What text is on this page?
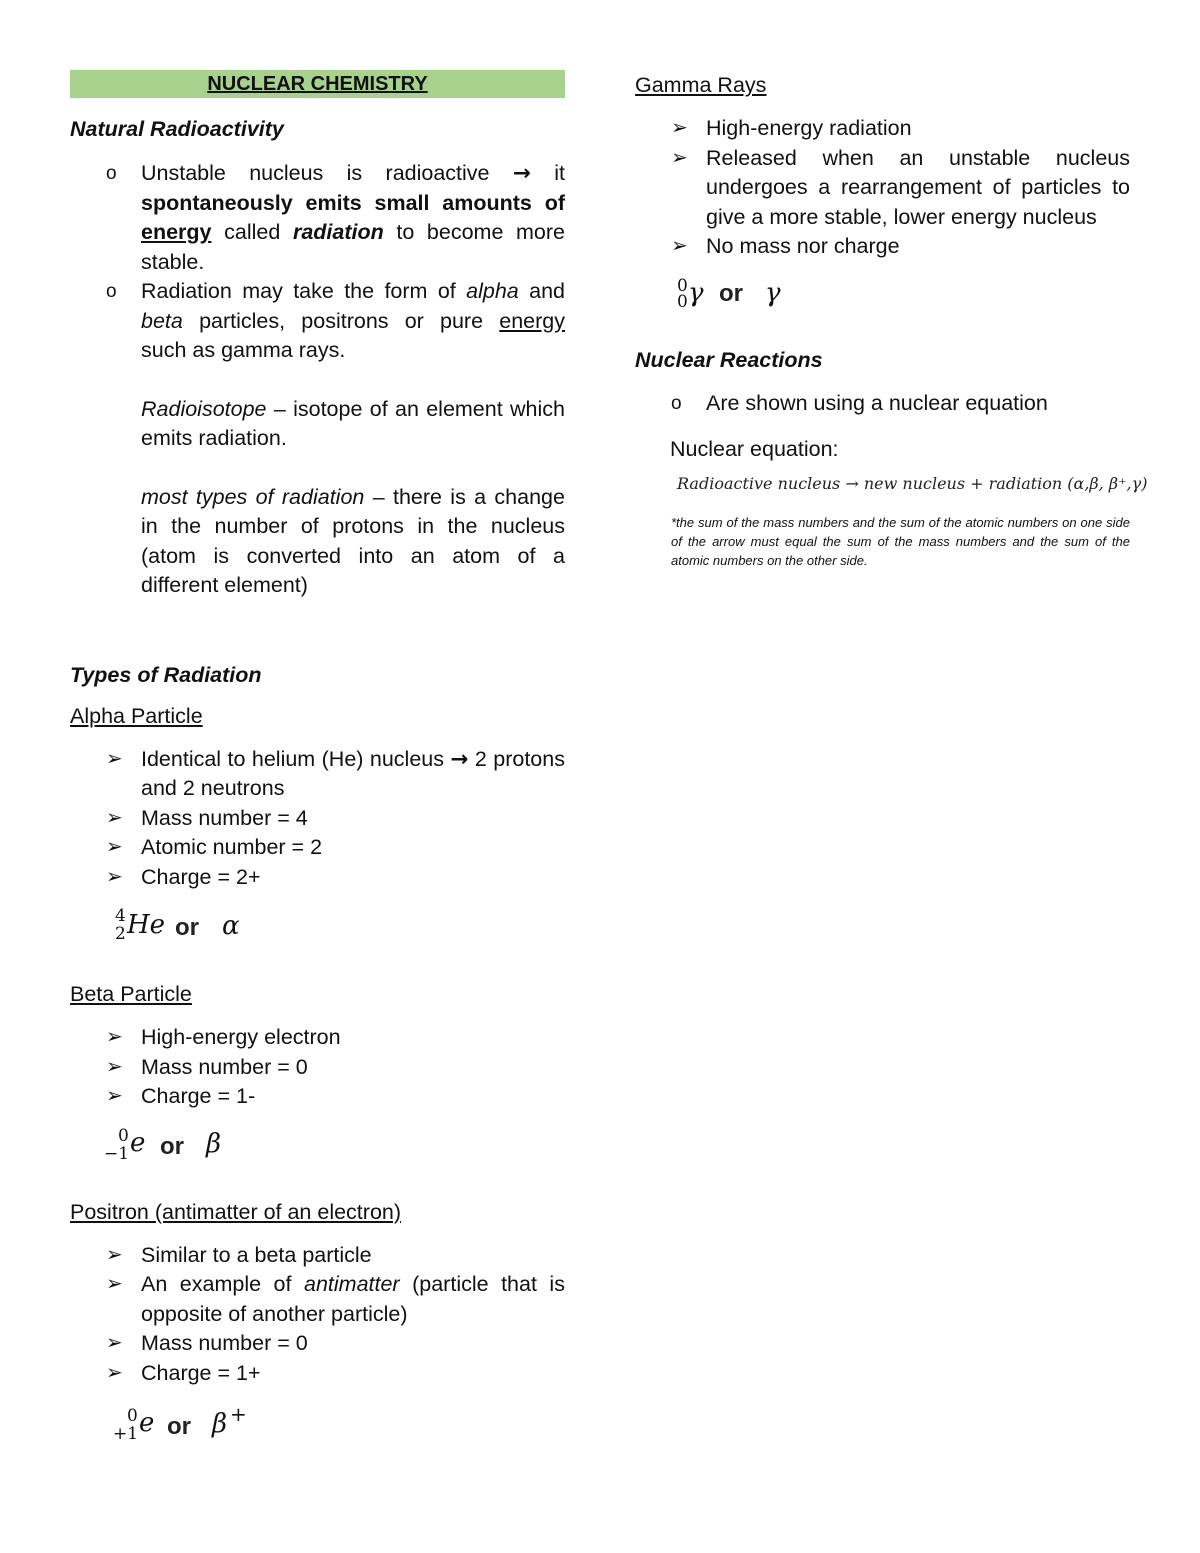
NUCLEAR CHEMISTRY

Natural Radioactivity

o Unstable nucleus is radioactive → it spontaneously emits small amounts of energy called radiation to become more stable.
o Radiation may take the form of alpha and beta particles, positrons or pure energy such as gamma rays.

Radioisotope – isotope of an element which emits radiation.

most types of radiation – there is a change in the number of protons in the nucleus (atom is converted into an atom of a different element)

Types of Radiation

Alpha Particle

➢ Identical to helium (He) nucleus → 2 protons and 2 neutrons
➢ Mass number = 4
➢ Atomic number = 2
➢ Charge = 2+
4
2 He or α

Beta Particle

➢ High-energy electron
➢ Mass number = 0
➢ Charge = 1-
0
−1 e or β

Positron (antimatter of an electron)

➢ Similar to a beta particle
➢ An example of antimatter (particle that is opposite of another particle)
➢ Mass number = 0
➢ Charge = 1+
0
+1 e or β +

Gamma Rays

➢ High-energy radiation
➢ Released when an unstable nucleus undergoes a rearrangement of particles to give a more stable, lower energy nucleus
➢ No mass nor charge
0
0 γ or γ

Nuclear Reactions

o Are shown using a nuclear equation

Nuclear equation:

Radioactive nucleus → new nucleus + radiation (α,β, β⁺,γ)

*the sum of the mass numbers and the sum of the atomic numbers on one side of the arrow must equal the sum of the mass numbers and the sum of the atomic numbers on the other side.
